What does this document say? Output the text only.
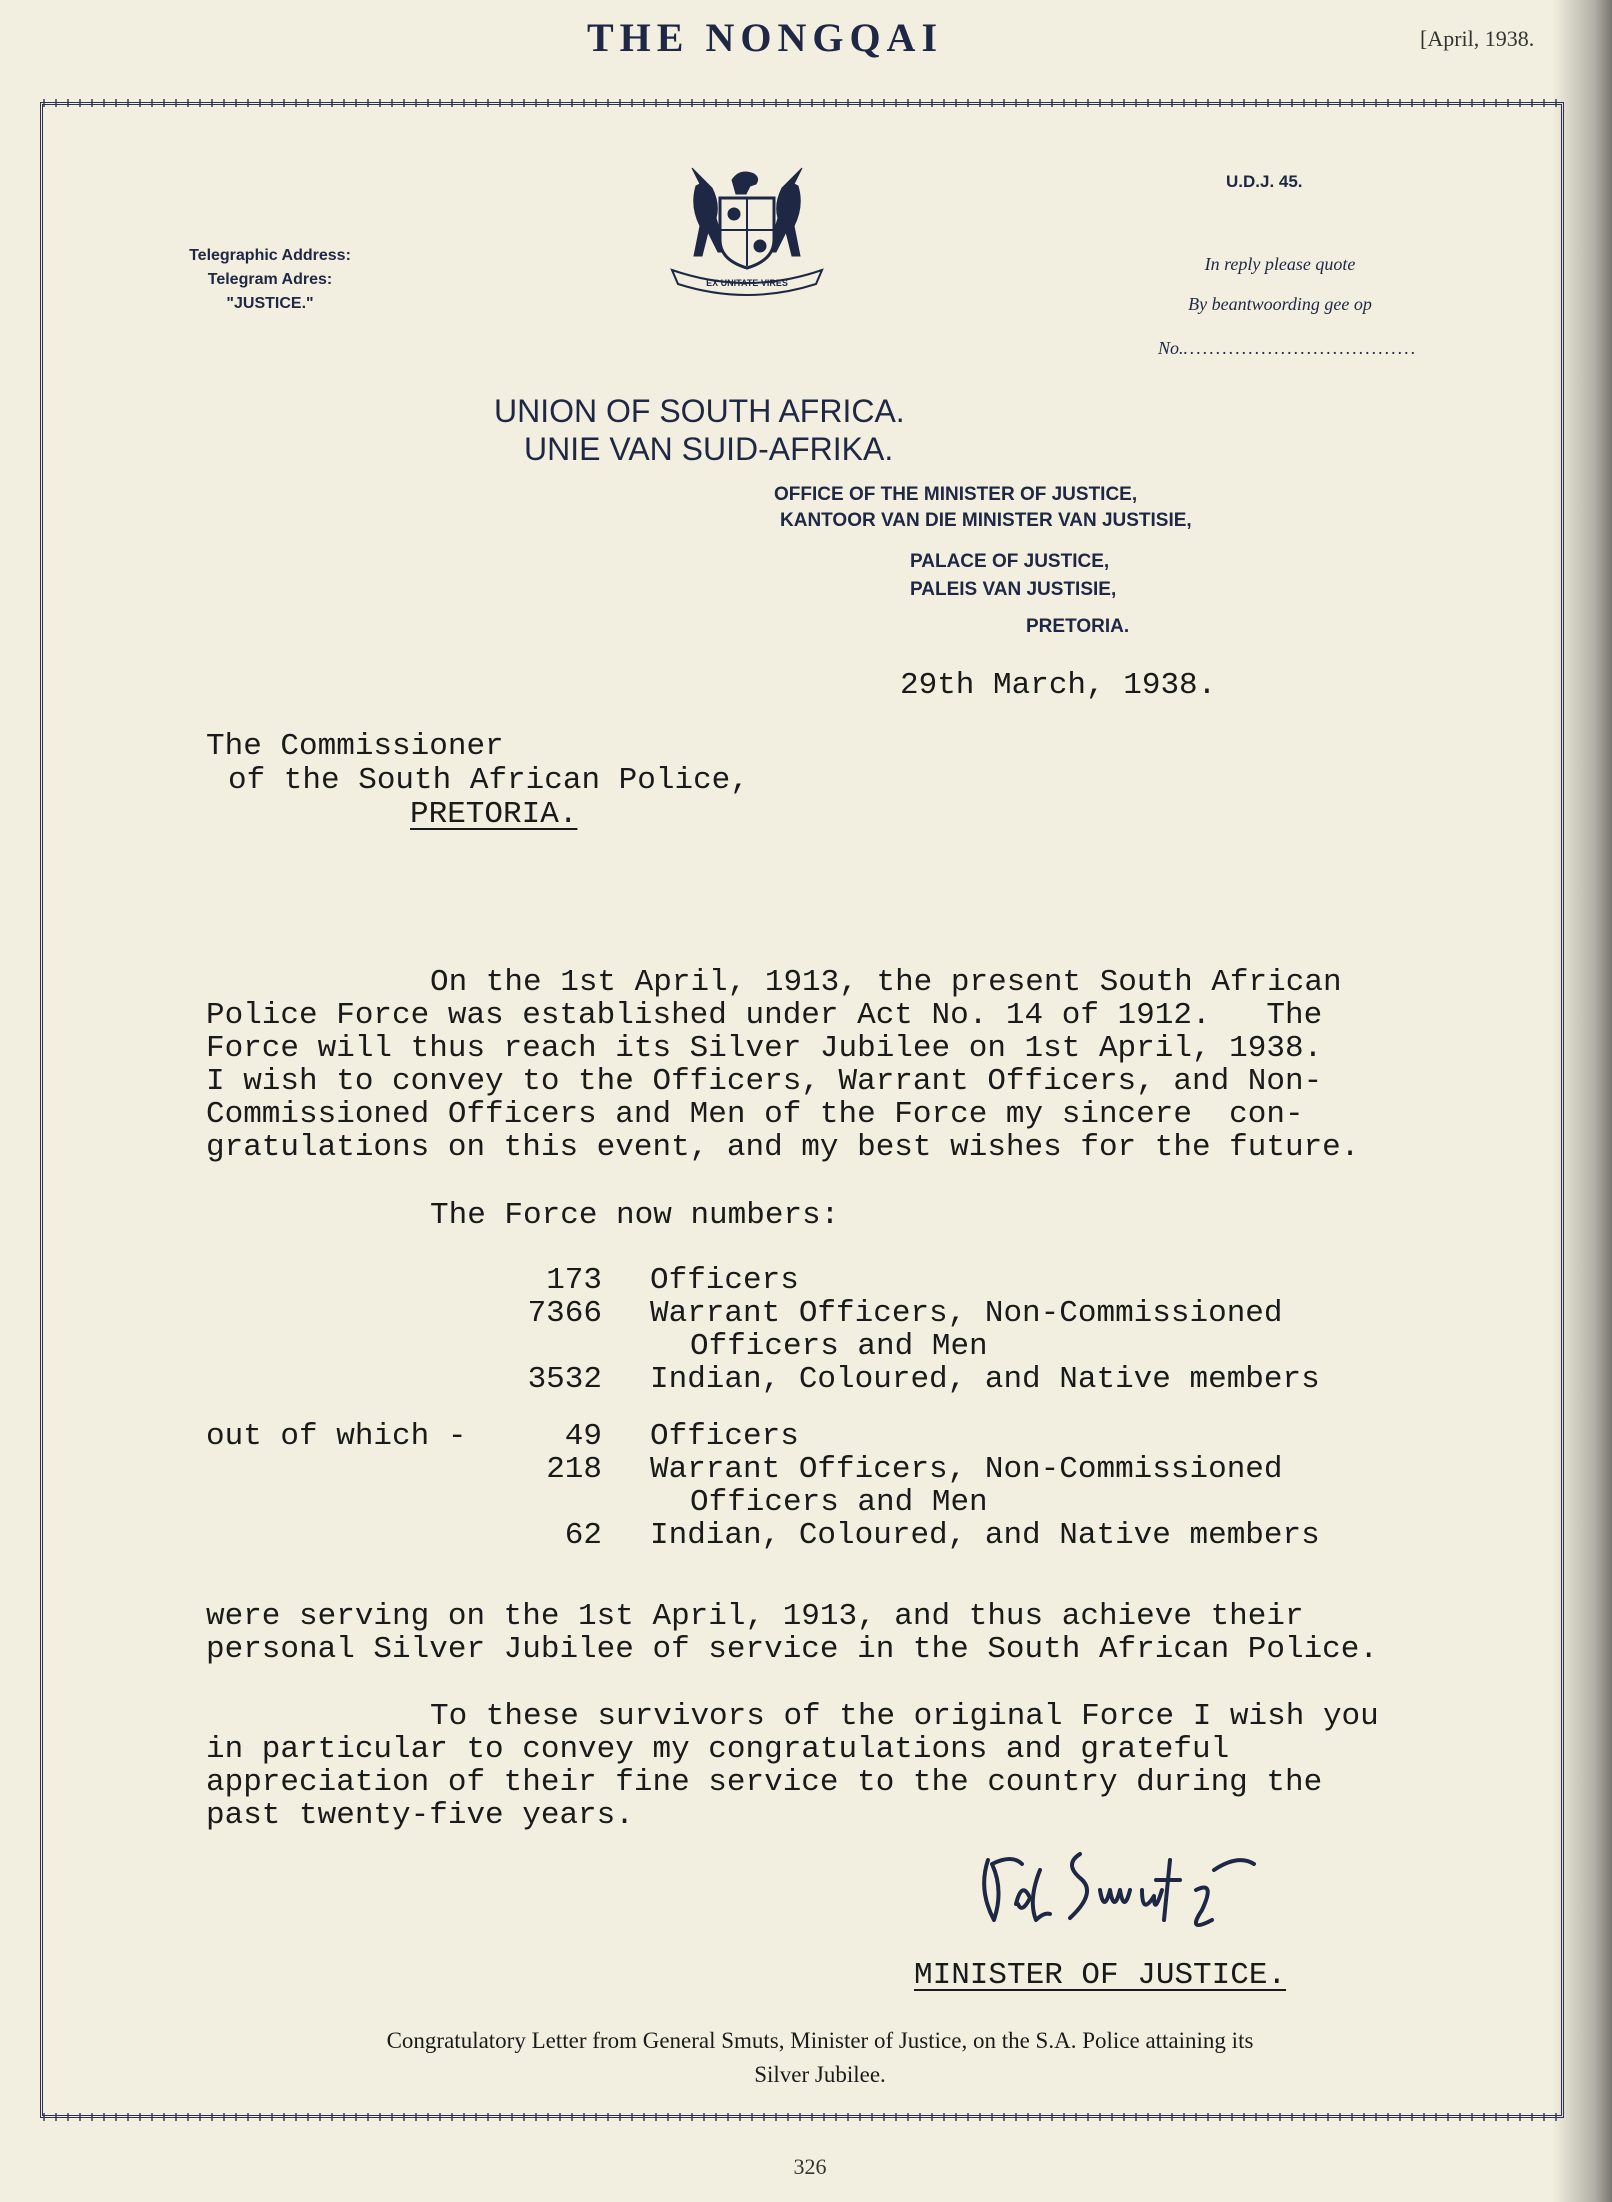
THE NONGQAI	[April, 1938.
EX UNITATE VIRES
Telegraphic Address:
Telegram Adres:
"JUSTICE."
U.D.J. 45.
In reply please quote
By beantwoording gee op
No.....................................
UNION OF SOUTH AFRICA.
UNIE VAN SUID-AFRIKA.
OFFICE OF THE MINISTER OF JUSTICE,
KANTOOR VAN DIE MINISTER VAN JUSTISIE,
PALACE OF JUSTICE,
PALEIS VAN JUSTISIE,
PRETORIA.
29th March, 1938.
The Commissioner
of the South African Police,
PRETORIA.
On the 1st April, 1913, the present South African
Police Force was established under Act No. 14 of 1912.   The
Force will thus reach its Silver Jubilee on 1st April, 1938.
I wish to convey to the Officers, Warrant Officers, and Non-
Commissioned Officers and Men of the Force my sincere  con-
gratulations on this event, and my best wishes for the future.
The Force now numbers:
173	Officers
7366	Warrant Officers, Non-Commissioned
Officers and Men
3532	Indian, Coloured, and Native members
out of which -	49	Officers
218	Warrant Officers, Non-Commissioned
Officers and Men
62	Indian, Coloured, and Native members
were serving on the 1st April, 1913, and thus achieve their
personal Silver Jubilee of service in the South African Police.
To these survivors of the original Force I wish you
in particular to convey my congratulations and grateful
appreciation of their fine service to the country during the
past twenty-five years.
MINISTER OF JUSTICE.
Congratulatory Letter from General Smuts, Minister of Justice, on the S.A. Police attaining its
Silver Jubilee.
326
